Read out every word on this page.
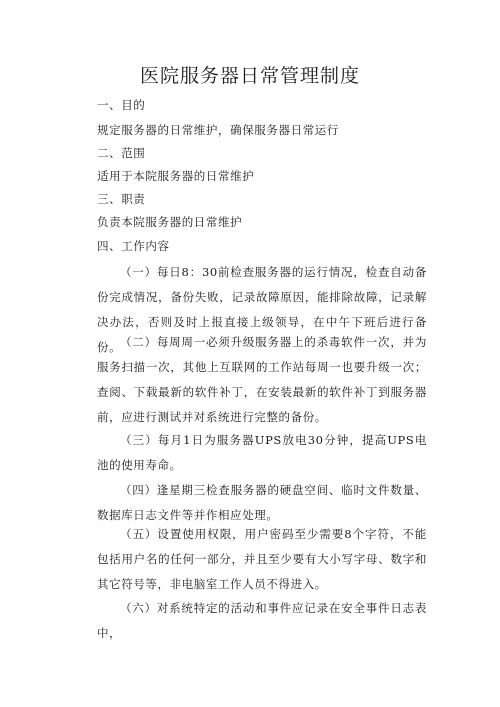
医院服务器日常管理制度
一、目的
规定服务器的日常维护，确保服务器日常运行
二、范围
适用于本院服务器的日常维护
三、职责
负责本院服务器的日常维护
四、工作内容
（一）每日8：30前检查服务器的运行情况，检查自动备份完成情况，备份失败，记录故障原因，能排除故障，记录解决办法，否则及时上报直接上级领导，在中午下班后进行备份。
（二）每周周一必须升级服务器上的杀毒软件一次，并为服务扫描一次，其他上互联网的工作站每周一也要升级一次；查阅、下载最新的软件补丁，在安装最新的软件补丁到服务器前，应进行测试并对系统进行完整的备份。
（三）每月1日为服务器UPS放电30分钟，提高UPS电池的使用寿命。
（四）逢星期三检查服务器的硬盘空间、临时文件数量、数据库日志文件等并作相应处理。
（五）设置使用权限，用户密码至少需要8个字符，不能包括用户名的任何一部分，并且至少要有大小写字母、数字和其它符号等，非电脑室工作人员不得进入。
（六）对系统特定的活动和事件应记录在安全事件日志表中，
